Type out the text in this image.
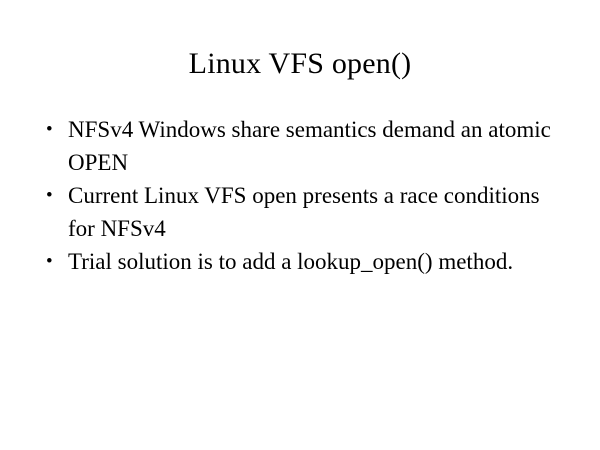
Linux VFS open()
• NFSv4 Windows share semantics demand an atomic OPEN
• Current Linux VFS open presents a race conditions for NFSv4
• Trial solution is to add a lookup_open() method.
